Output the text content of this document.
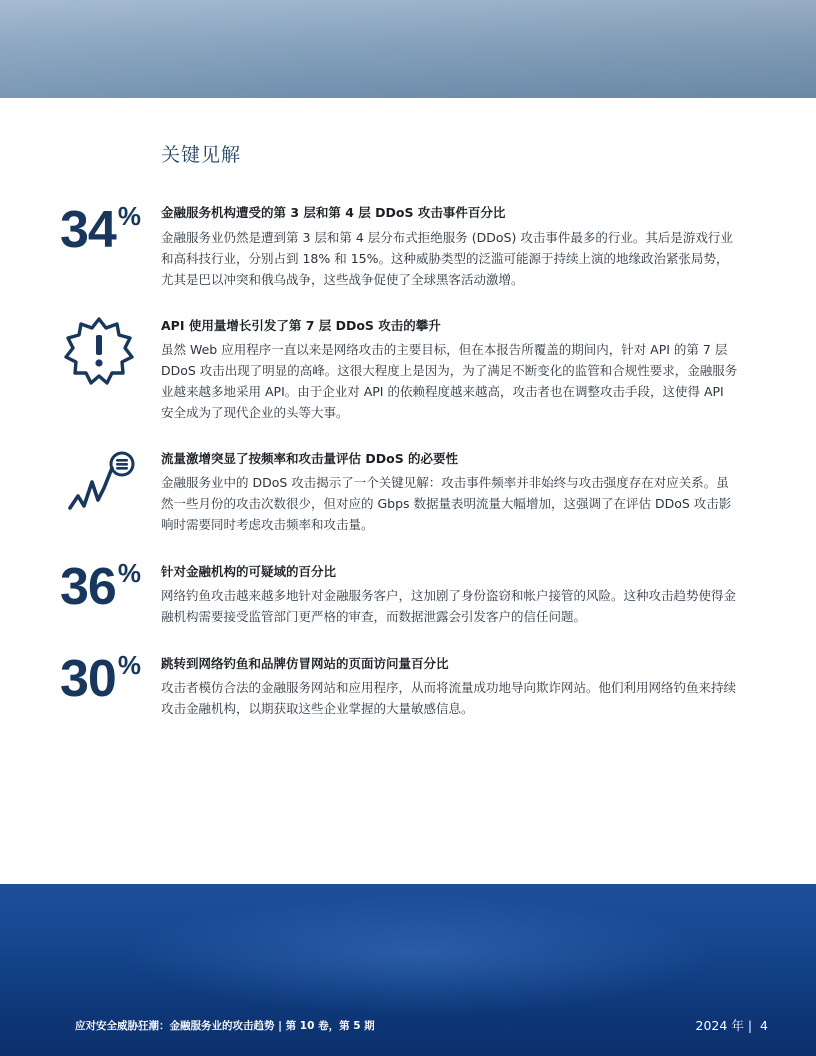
关键见解
34%	金融服务机构遭受的第 3 层和第 4 层 DDoS 攻击事件百分比
金融服务业仍然是遭到第 3 层和第 4 层分布式拒绝服务 (DDoS) 攻击事件最多的行业。其后是游戏行业和高科技行业，分别占到 18% 和 15%。这种威胁类型的泛滥可能源于持续上演的地缘政治紧张局势，尤其是巴以冲突和俄乌战争，这些战争促使了全球黑客活动激增。
API 使用量增长引发了第 7 层 DDoS 攻击的攀升
虽然 Web 应用程序一直以来是网络攻击的主要目标，但在本报告所覆盖的期间内，针对 API 的第 7 层 DDoS 攻击出现了明显的高峰。这很大程度上是因为，为了满足不断变化的监管和合规性要求，金融服务业越来越多地采用 API。由于企业对 API 的依赖程度越来越高，攻击者也在调整攻击手段，这使得 API 安全成为了现代企业的头等大事。
流量激增突显了按频率和攻击量评估 DDoS 的必要性
金融服务业中的 DDoS 攻击揭示了一个关键见解：攻击事件频率并非始终与攻击强度存在对应关系。虽然一些月份的攻击次数很少，但对应的 Gbps 数据量表明流量大幅增加，这强调了在评估 DDoS 攻击影响时需要同时考虑攻击频率和攻击量。
36%	针对金融机构的可疑域的百分比
网络钓鱼攻击越来越多地针对金融服务客户，这加剧了身份盗窃和帐户接管的风险。这种攻击趋势使得金融机构需要接受监管部门更严格的审查，而数据泄露会引发客户的信任问题。
30%	跳转到网络钓鱼和品牌仿冒网站的页面访问量百分比
攻击者模仿合法的金融服务网站和应用程序，从而将流量成功地导向欺诈网站。他们利用网络钓鱼来持续攻击金融机构，以期获取这些企业掌握的大量敏感信息。
应对安全威胁狂潮：金融服务业的攻击趋势 | 第 10 卷，第 5 期	2024 年 | 4
